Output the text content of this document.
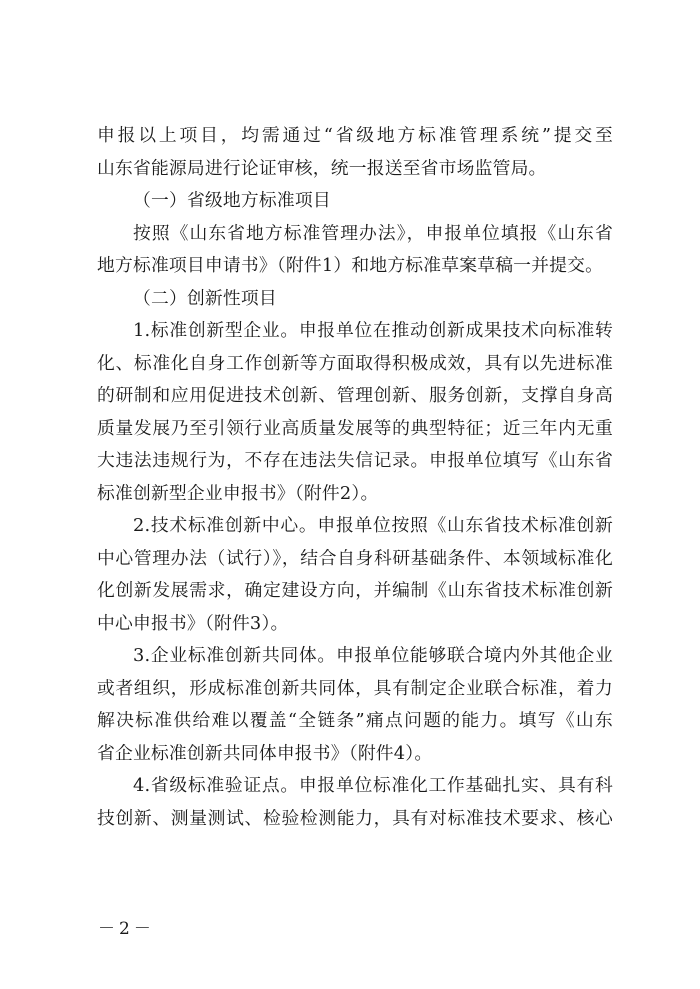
申报以上项目，均需通过“省级地方标准管理系统”提交至
山东省能源局进行论证审核，统一报送至省市场监管局。
（一）省级地方标准项目
按照《山东省地方标准管理办法》，申报单位填报《山东省
地方标准项目申请书》（附件1）和地方标准草案草稿一并提交。
（二）创新性项目
1.标准创新型企业。申报单位在推动创新成果技术向标准转
化、标准化自身工作创新等方面取得积极成效，具有以先进标准
的研制和应用促进技术创新、管理创新、服务创新，支撑自身高
质量发展乃至引领行业高质量发展等的典型特征；近三年内无重
大违法违规行为，不存在违法失信记录。申报单位填写《山东省
标准创新型企业申报书》（附件2）。
2.技术标准创新中心。申报单位按照《山东省技术标准创新
中心管理办法（试行）》，结合自身科研基础条件、本领域标准化
化创新发展需求，确定建设方向，并编制《山东省技术标准创新
中心申报书》（附件3）。
3.企业标准创新共同体。申报单位能够联合境内外其他企业
或者组织，形成标准创新共同体，具有制定企业联合标准，着力
解决标准供给难以覆盖“全链条”痛点问题的能力。填写《山东
省企业标准创新共同体申报书》（附件4）。
4.省级标准验证点。申报单位标准化工作基础扎实、具有科
技创新、测量测试、检验检测能力，具有对标准技术要求、核心
－2－
